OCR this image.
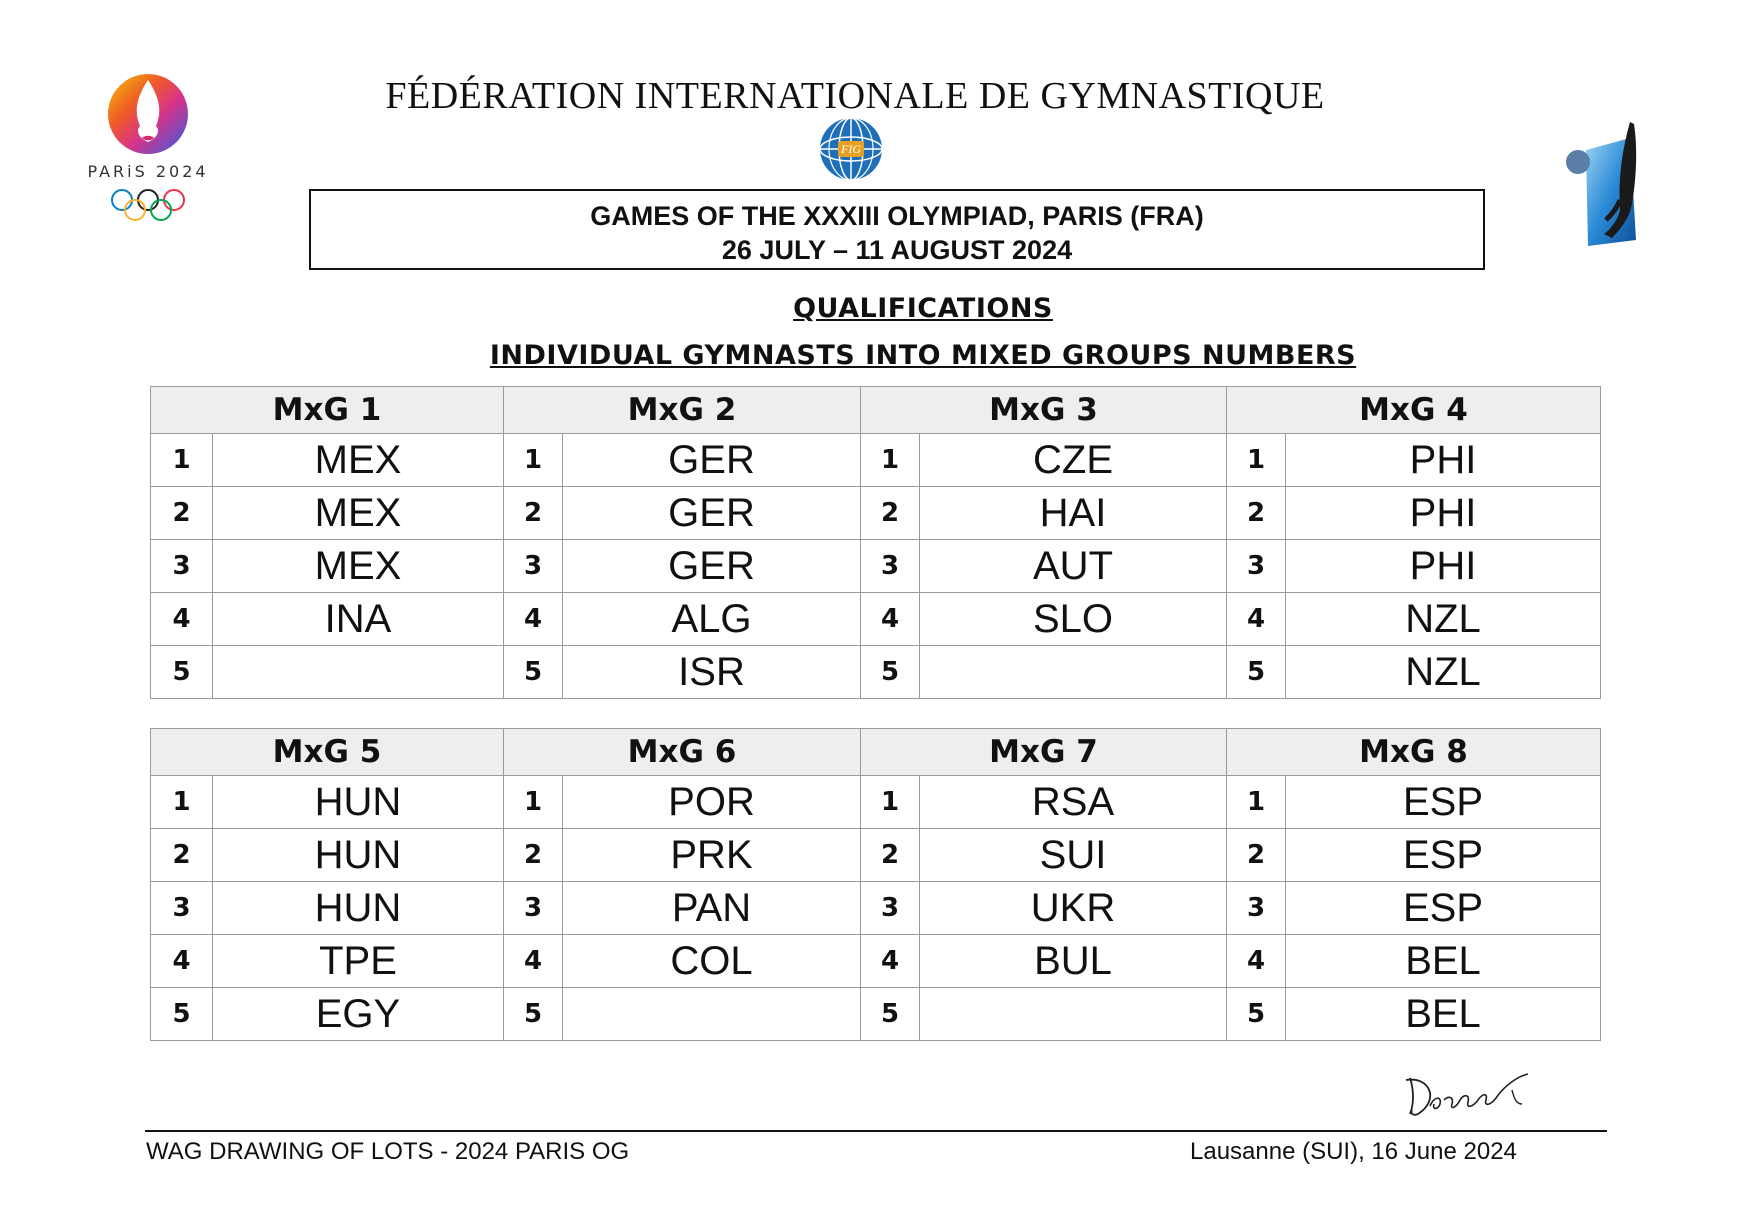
PARiS 2024
FÉDÉRATION INTERNATIONALE DE GYMNASTIQUE
FIG
GAMES OF THE XXXIII OLYMPIAD, PARIS (FRA)
26 JULY – 11 AUGUST 2024
QUALIFICATIONS
INDIVIDUAL GYMNASTS INTO MIXED GROUPS NUMBERS
MxG 1		MxG 2		MxG 3		MxG 4	
1	MEX	1	GER	1	CZE	1	PHI
2	MEX	2	GER	2	HAI	2	PHI
3	MEX	3	GER	3	AUT	3	PHI
4	INA	4	ALG	4	SLO	4	NZL
5		5	ISR	5		5	NZL
MxG 5		MxG 6		MxG 7		MxG 8	
1	HUN	1	POR	1	RSA	1	ESP
2	HUN	2	PRK	2	SUI	2	ESP
3	HUN	3	PAN	3	UKR	3	ESP
4	TPE	4	COL	4	BUL	4	BEL
5	EGY	5		5		5	BEL
WAG DRAWING OF LOTS - 2024 PARIS OG	Lausanne (SUI), 16 June 2024
